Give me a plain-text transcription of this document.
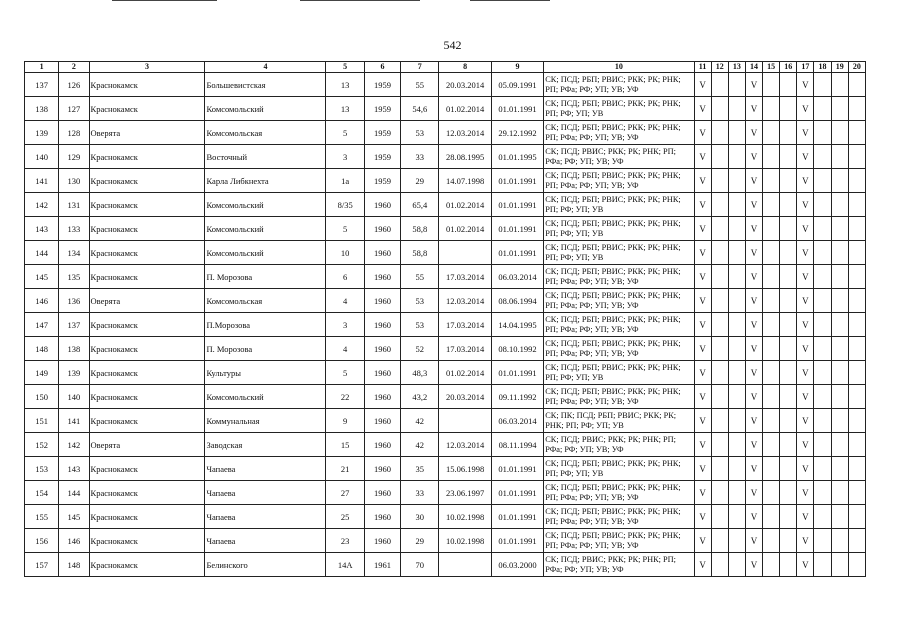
542
1	2	3	4	5	6	7	8	9	10	11	12	13	14	15	16	17	18	19	20
137	126	Краснокамск	Большевистская	13	1959	55	20.03.2014	05.09.1991	СК; ПСД; РБП; РВИС; РКК; РК; РНК; РП; РФа; РФ; УП; УВ; УФ	V			V			V			
138	127	Краснокамск	Комсомольский	13	1959	54,6	01.02.2014	01.01.1991	СК; ПСД; РБП; РВИС; РКК; РК; РНК; РП; РФ; УП; УВ	V			V			V			
139	128	Оверята	Комсомольская	5	1959	53	12.03.2014	29.12.1992	СК; ПСД; РБП; РВИС; РКК; РК; РНК; РП; РФа; РФ; УП; УВ; УФ	V			V			V			
140	129	Краснокамск	Восточный	3	1959	33	28.08.1995	01.01.1995	СК; ПСД; РВИС; РКК; РК; РНК; РП; РФа; РФ; УП; УВ; УФ	V			V			V			
141	130	Краснокамск	Карла Либкнехта	1а	1959	29	14.07.1998	01.01.1991	СК; ПСД; РБП; РВИС; РКК; РК; РНК; РП; РФа; РФ; УП; УВ; УФ	V			V			V			
142	131	Краснокамск	Комсомольский	8/35	1960	65,4	01.02.2014	01.01.1991	СК; ПСД; РБП; РВИС; РКК; РК; РНК; РП; РФ; УП; УВ	V			V			V			
143	133	Краснокамск	Комсомольский	5	1960	58,8	01.02.2014	01.01.1991	СК; ПСД; РБП; РВИС; РКК; РК; РНК; РП; РФ; УП; УВ	V			V			V			
144	134	Краснокамск	Комсомольский	10	1960	58,8		01.01.1991	СК; ПСД; РБП; РВИС; РКК; РК; РНК; РП; РФ; УП; УВ	V			V			V			
145	135	Краснокамск	П. Морозова	6	1960	55	17.03.2014	06.03.2014	СК; ПСД; РБП; РВИС; РКК; РК; РНК; РП; РФа; РФ; УП; УВ; УФ	V			V			V			
146	136	Оверята	Комсомольская	4	1960	53	12.03.2014	08.06.1994	СК; ПСД; РБП; РВИС; РКК; РК; РНК; РП; РФа; РФ; УП; УВ; УФ	V			V			V			
147	137	Краснокамск	П.Морозова	3	1960	53	17.03.2014	14.04.1995	СК; ПСД; РБП; РВИС; РКК; РК; РНК; РП; РФа; РФ; УП; УВ; УФ	V			V			V			
148	138	Краснокамск	П. Морозова	4	1960	52	17.03.2014	08.10.1992	СК; ПСД; РБП; РВИС; РКК; РК; РНК; РП; РФа; РФ; УП; УВ; УФ	V			V			V			
149	139	Краснокамск	Культуры	5	1960	48,3	01.02.2014	01.01.1991	СК; ПСД; РБП; РВИС; РКК; РК; РНК; РП; РФ; УП; УВ	V			V			V			
150	140	Краснокамск	Комсомольский	22	1960	43,2	20.03.2014	09.11.1992	СК; ПСД; РБП; РВИС; РКК; РК; РНК; РП; РФа; РФ; УП; УВ; УФ	V			V			V			
151	141	Краснокамск	Коммунальная	9	1960	42		06.03.2014	СК; ПК; ПСД; РБП; РВИС; РКК; РК; РНК; РП; РФ; УП; УВ	V			V			V			
152	142	Оверята	Заводская	15	1960	42	12.03.2014	08.11.1994	СК; ПСД; РВИС; РКК; РК; РНК; РП; РФа; РФ; УП; УВ; УФ	V			V			V			
153	143	Краснокамск	Чапаева	21	1960	35	15.06.1998	01.01.1991	СК; ПСД; РБП; РВИС; РКК; РК; РНК; РП; РФ; УП; УВ	V			V			V			
154	144	Краснокамск	Чапаева	27	1960	33	23.06.1997	01.01.1991	СК; ПСД; РБП; РВИС; РКК; РК; РНК; РП; РФа; РФ; УП; УВ; УФ	V			V			V			
155	145	Краснокамск	Чапаева	25	1960	30	10.02.1998	01.01.1991	СК; ПСД; РБП; РВИС; РКК; РК; РНК; РП; РФа; РФ; УП; УВ; УФ	V			V			V			
156	146	Краснокамск	Чапаева	23	1960	29	10.02.1998	01.01.1991	СК; ПСД; РБП; РВИС; РКК; РК; РНК; РП; РФа; РФ; УП; УВ; УФ	V			V			V			
157	148	Краснокамск	Белинского	14А	1961	70		06.03.2000	СК; ПСД; РВИС; РКК; РК; РНК; РП; РФа; РФ; УП; УВ; УФ	V			V			V			
